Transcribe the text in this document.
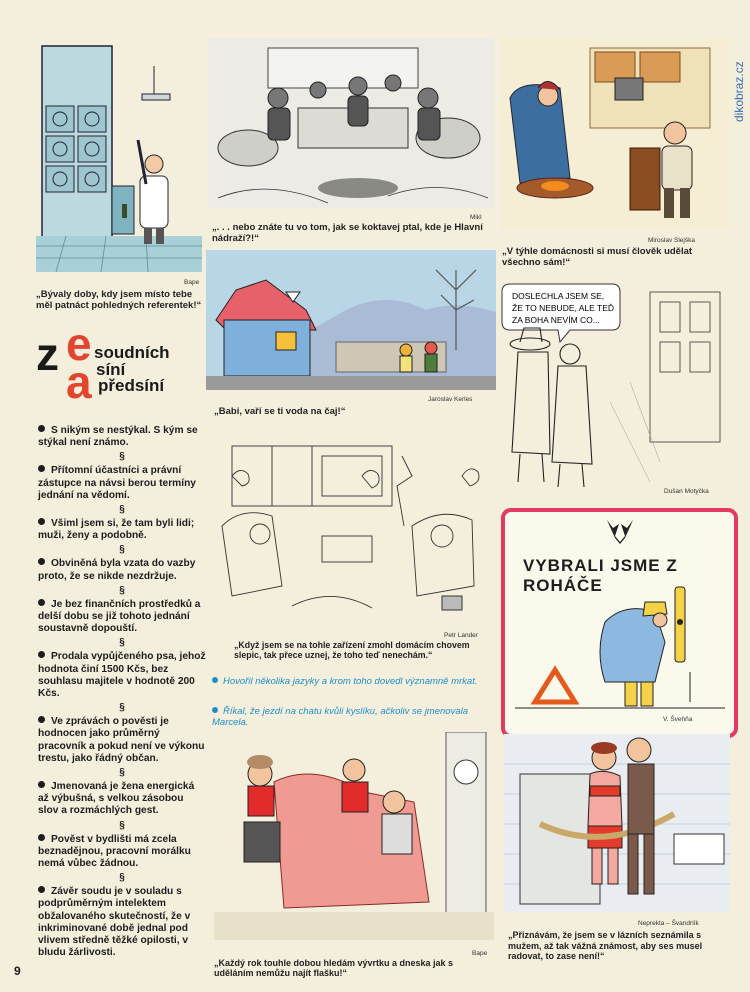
dikobraz.cz
Bape
„Bývaly doby, kdy jsem místo tebe měl patnáct pohledných referentek!“
Mikl
„. . . nebo znáte tu vo tom, jak se koktavej ptal, kde je Hlavní nádraží?!“	Miroslav Slejška
„V týhle domácnosti si musí člověk udělat všechno sám!“
z e
a
soudních
síní
předsíní
„Babi, vaří se ti voda na čaj!“
Jaroslav Kerles
DOSLECHLA JSEM SE,
ŽE TO NEBUDE, ALE TEĎ
ZA BOHA NEVÍM CO...
Dušan Motyčka

S nikým se nestýkal. S kým se stýkal není známo.

§

Přítomní účastníci a právní zástupce na návsi berou termíny jednání na vědomí.

§

Všiml jsem si, že tam byli lidi; muži, ženy a podobně.

§

Obviněná byla vzata do vazby proto, že se nikde nezdržuje.

§

Je bez finančních prostředků a delší dobu se již tohoto jednání soustavně dopouští.

§

Prodala vypůjčeného psa, jehož hodnota činí 1500 Kčs, bez souhlasu majitele v hodnotě 200 Kčs.

§

Ve zprávách o pověsti je hodnocen jako průměrný pracovník a pokud není ve výkonu trestu, jako řádný občan.

§

Jmenovaná je žena energická až výbušná, s velkou zásobou slov a rozmáchlých gest.

§

Pověst v bydlišti má zcela beznadějnou, pracovní morálku nemá vůbec žádnou.

§

Závěr soudu je v souladu s podprůměrným intelektem obžalovaného skutečností, že v inkriminované době jednal pod vlivem středně těžké opilosti, v bludu žárlivosti.

Petr Lander
„Když jsem se na tohle zařízení zmohl domácím chovem slepic, tak přece uznej, že toho teď nenechám.“
Hovořil několika jazyky a krom toho dovedl významně mrkat.
Říkal, že jezdí na chatu kvůli kyslíku, ačkoliv se jmenovala Marcela.
VYBRALI JSME Z ROHÁČE
V. Švehňa
Bape
„Každý rok touhle dobou hledám vývrtku a dneska jak s uděláním nemůžu najít flašku!“
Neprekta – Švandrlík
„Přiznávám, že jsem se v lázních seznámila s mužem, až tak vážná známost, aby ses musel radovat, to zase není!“
9
